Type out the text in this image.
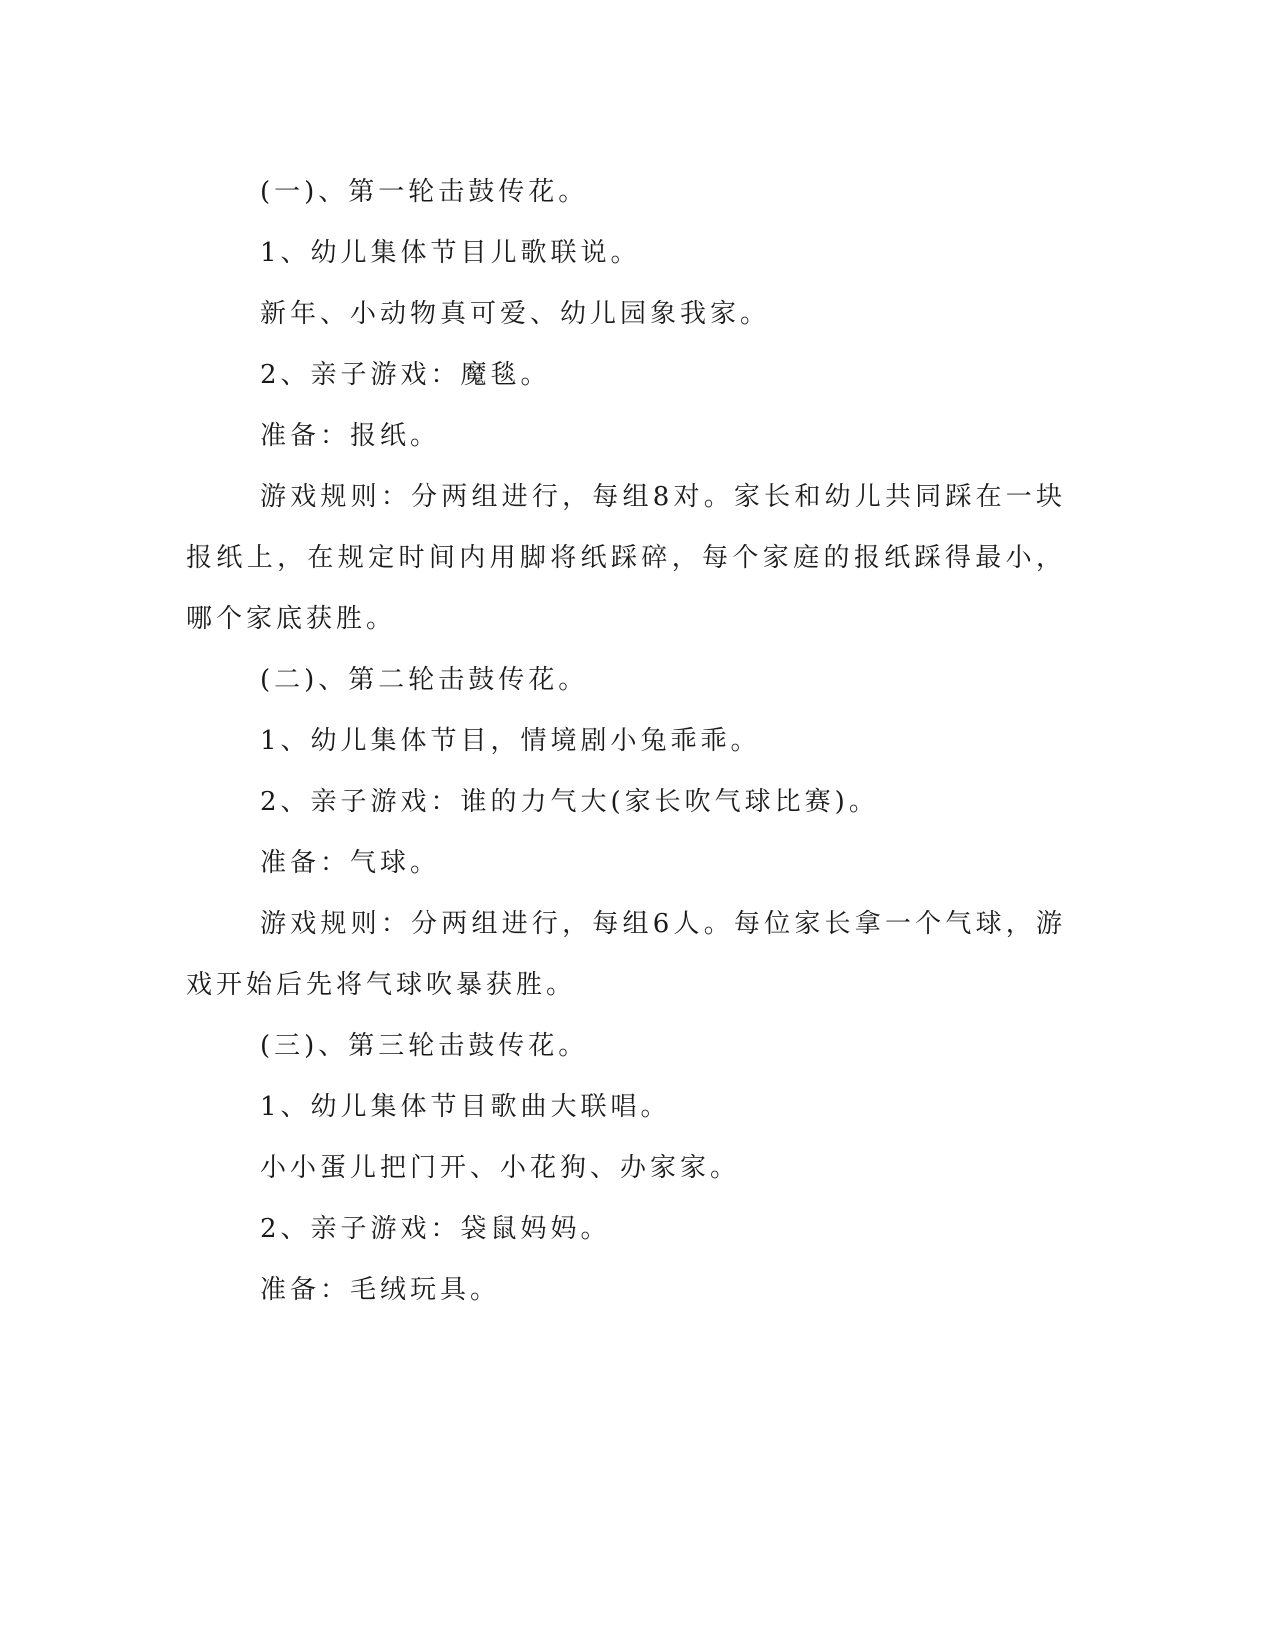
(一)、第一轮击鼓传花。

1、幼儿集体节目儿歌联说。

新年、小动物真可爱、幼儿园象我家。

2、亲子游戏：魔毯。

准备：报纸。

游戏规则：分两组进行，每组8对。家长和幼儿共同踩在一块报纸上，在规定时间内用脚将纸踩碎，每个家庭的报纸踩得最小，哪个家底获胜。

(二)、第二轮击鼓传花。

1、幼儿集体节目，情境剧小兔乖乖。

2、亲子游戏：谁的力气大(家长吹气球比赛)。

准备：气球。

游戏规则：分两组进行，每组6人。每位家长拿一个气球，游戏开始后先将气球吹暴获胜。

(三)、第三轮击鼓传花。

1、幼儿集体节目歌曲大联唱。

小小蛋儿把门开、小花狗、办家家。

2、亲子游戏：袋鼠妈妈。

准备：毛绒玩具。
